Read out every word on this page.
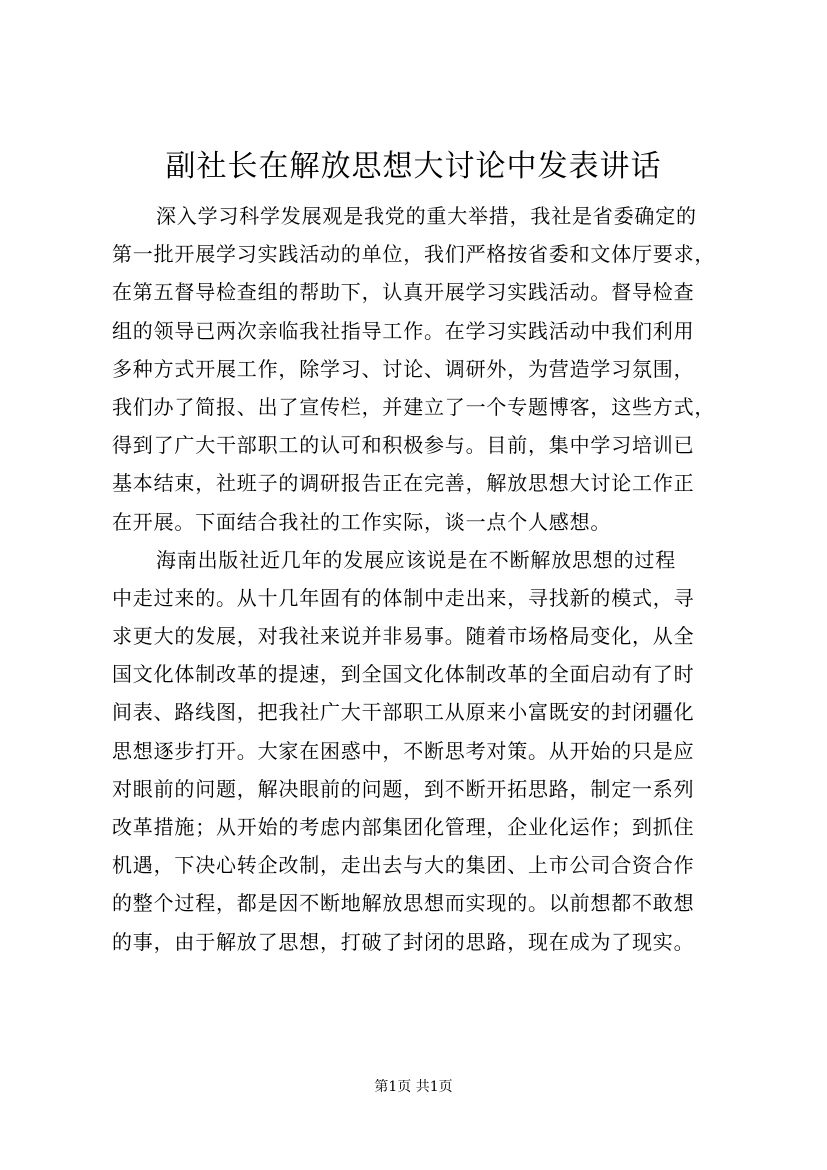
副社长在解放思想大讨论中发表讲话
深入学习科学发展观是我党的重大举措，我社是省委确定的
第一批开展学习实践活动的单位，我们严格按省委和文体厅要求，
在第五督导检查组的帮助下，认真开展学习实践活动。督导检查
组的领导已两次亲临我社指导工作。在学习实践活动中我们利用
多种方式开展工作，除学习、讨论、调研外，为营造学习氛围，
我们办了简报、出了宣传栏，并建立了一个专题博客，这些方式，
得到了广大干部职工的认可和积极参与。目前，集中学习培训已
基本结束，社班子的调研报告正在完善，解放思想大讨论工作正
在开展。下面结合我社的工作实际，谈一点个人感想。
海南出版社近几年的发展应该说是在不断解放思想的过程
中走过来的。从十几年固有的体制中走出来，寻找新的模式，寻
求更大的发展，对我社来说并非易事。随着市场格局变化，从全
国文化体制改革的提速，到全国文化体制改革的全面启动有了时
间表、路线图，把我社广大干部职工从原来小富既安的封闭疆化
思想逐步打开。大家在困惑中，不断思考对策。从开始的只是应
对眼前的问题，解决眼前的问题，到不断开拓思路，制定一系列
改革措施；从开始的考虑内部集团化管理，企业化运作；到抓住
机遇，下决心转企改制，走出去与大的集团、上市公司合资合作
的整个过程，都是因不断地解放思想而实现的。以前想都不敢想
的事，由于解放了思想，打破了封闭的思路，现在成为了现实。
第1页 共1页
